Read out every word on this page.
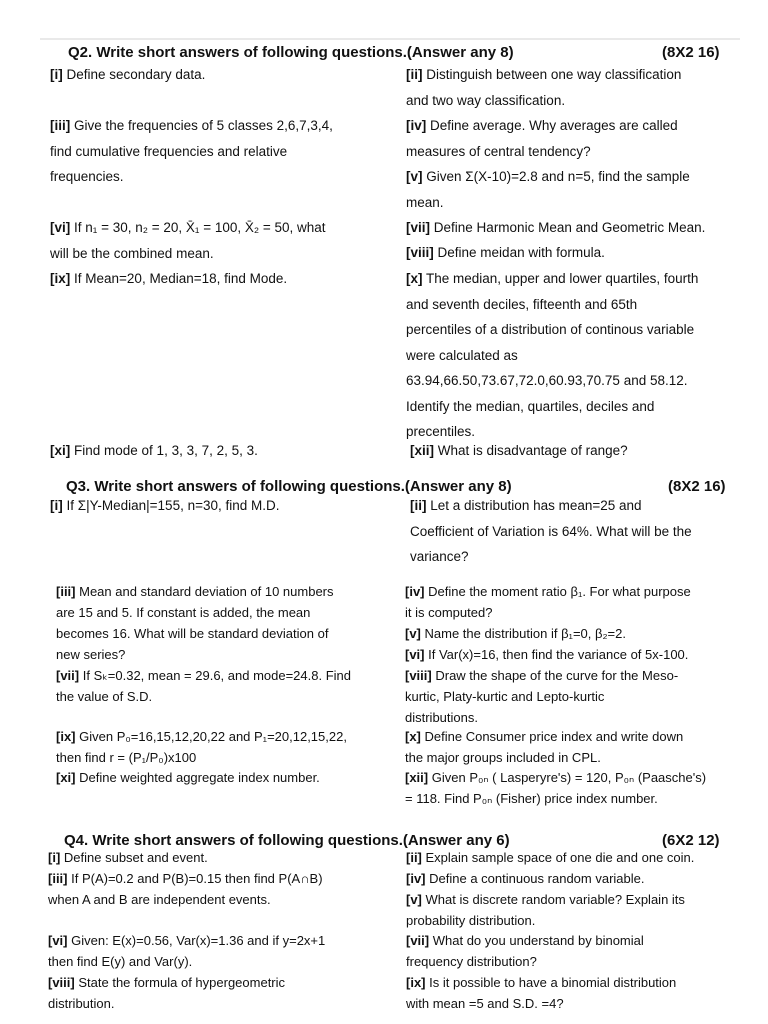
Q2. Write short answers of following questions.(Answer any 8)	(8X2 16)
[i] Define secondary data.	[ii] Distinguish between one way classification
and two way classification.
[iii] Give the frequencies of 5 classes 2,6,7,3,4,
find cumulative frequencies and relative
frequencies.
[iv] Define average. Why averages are called
measures of central tendency?
[v] Given Σ(X-10)=2.8 and n=5, find the sample
mean.
[vi] If n₁ = 30, n₂ = 20, X̄₁ = 100, X̄₂ = 50, what
will be the combined mean.
[vii] Define Harmonic Mean and Geometric Mean.
[viii] Define meidan with formula.
[ix] If Mean=20, Median=18, find Mode.	[x] The median, upper and lower quartiles, fourth
and seventh deciles, fifteenth and 65th
percentiles of a distribution of continous variable
were calculated as
63.94,66.50,73.67,72.0,60.93,70.75 and 58.12.
Identify the median, quartiles, deciles and
precentiles.
[xi] Find mode of 1, 3, 3, 7, 2, 5, 3.	[xii] What is disadvantage of range?
Q3. Write short answers of following questions.(Answer any 8)	(8X2 16)
[i] If Σ|Y-Median|=155, n=30, find M.D.	[ii] Let a distribution has mean=25 and
Coefficient of Variation is 64%. What will be the
variance?
[iii] Mean and standard deviation of 10 numbers
are 15 and 5. If constant is added, the mean
becomes 16. What will be standard deviation of
new series?
[iv] Define the moment ratio β₁. For what purpose
it is computed?
[v] Name the distribution if β₁=0, β₂=2.
[vi] If Var(x)=16, then find the variance of 5x-100.
[vii] If Sₖ=0.32, mean = 29.6, and mode=24.8. Find
the value of S.D.
[viii] Draw the shape of the curve for the Meso-
kurtic, Platy-kurtic and Lepto-kurtic
distributions.
[ix] Given P₀=16,15,12,20,22 and P₁=20,12,15,22,
then find r = (P₁/P₀)x100
[x] Define Consumer price index and write down
the major groups included in CPL.
[xi] Define weighted aggregate index number.	[xii] Given P₀ₙ ( Lasperyre's) = 120, P₀ₙ (Paasche's)
= 118. Find P₀ₙ (Fisher) price index number.
Q4. Write short answers of following questions.(Answer any 6)	(6X2 12)
[i] Define subset and event.	[ii] Explain sample space of one die and one coin.
[iii] If P(A)=0.2 and P(B)=0.15 then find P(A∩B)
when A and B are independent events.
[iv] Define a continuous random variable.
[v] What is discrete random variable? Explain its
probability distribution.
[vi] Given: E(x)=0.56, Var(x)=1.36 and if y=2x+1
then find E(y) and Var(y).
[vii] What do you understand by binomial
frequency distribution?
[viii] State the formula of hypergeometric
distribution.
[ix] Is it possible to have a binomial distribution
with mean =5 and S.D. =4?
